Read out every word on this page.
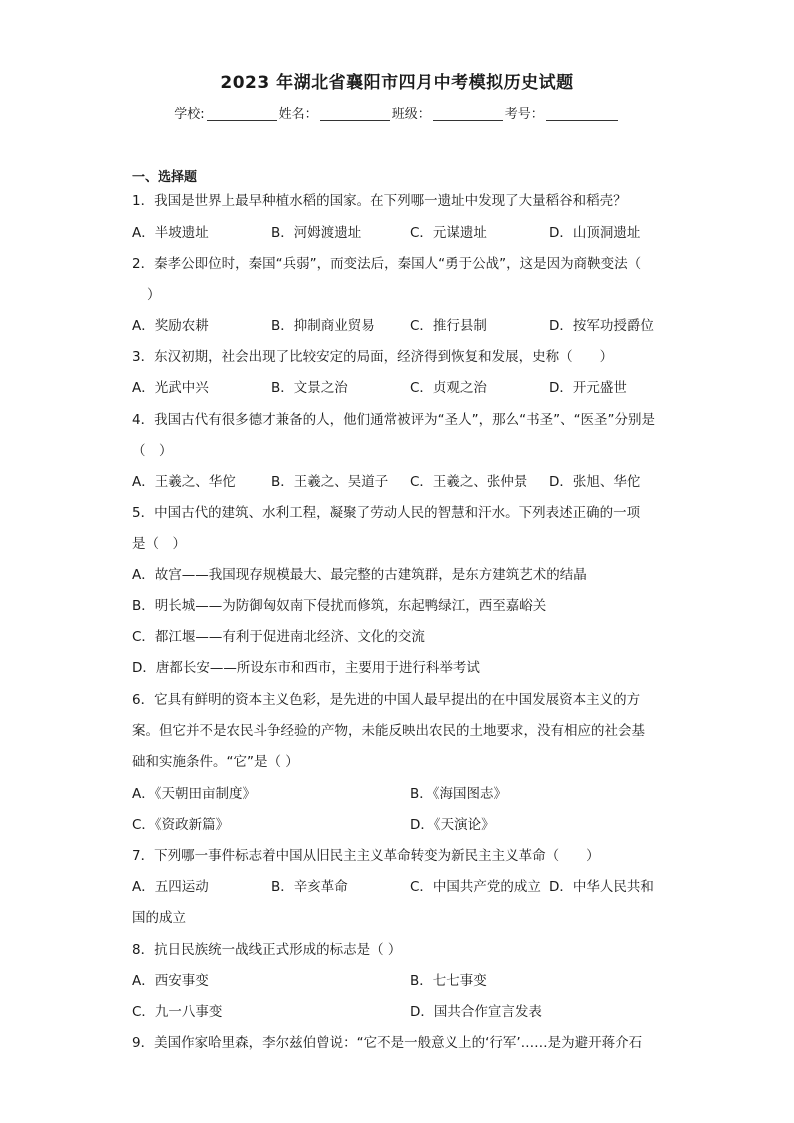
2023 年湖北省襄阳市四月中考模拟历史试题
学校:	姓名：	班级：	考号：
一、选择题
1．我国是世界上最早种植水稻的国家。在下列哪一遗址中发现了大量稻谷和稻壳？
A．半坡遗址	B．河姆渡遗址	C．元谋遗址	D．山顶洞遗址
2．秦孝公即位时，秦国“兵弱”，而变法后，秦国人“勇于公战”，这是因为商鞅变法（
）
A．奖励农耕	B．抑制商业贸易	C．推行县制	D．按军功授爵位
3．东汉初期，社会出现了比较安定的局面，经济得到恢复和发展，史称（　　）
A．光武中兴	B．文景之治	C．贞观之治	D．开元盛世
4．我国古代有很多德才兼备的人，他们通常被评为“圣人”，那么“书圣”、“医圣”分别是
（　）
A．王羲之、华佗	B．王羲之、吴道子 C．王羲之、张仲景 D．张旭、华佗
5．中国古代的建筑、水利工程，凝聚了劳动人民的智慧和汗水。下列表述正确的一项
是（　）
A．故宫——我国现存规模最大、最完整的古建筑群，是东方建筑艺术的结晶
B．明长城——为防御匈奴南下侵扰而修筑，东起鸭绿江，西至嘉峪关
C．都江堰——有利于促进南北经济、文化的交流
D．唐都长安——所设东市和西市，主要用于进行科举考试
6．它具有鲜明的资本主义色彩，是先进的中国人最早提出的在中国发展资本主义的方
案。但它并不是农民斗争经验的产物，未能反映出农民的土地要求，没有相应的社会基
础和实施条件。“它”是（ ）
A．《天朝田亩制度》	B．《海国图志》
C．《资政新篇》	D．《天演论》
7．下列哪一事件标志着中国从旧民主主义革命转变为新民主主义革命（　　）
A．五四运动	B．辛亥革命	C．中国共产党的成立 D．中华人民共和
国的成立
8．抗日民族统一战线正式形成的标志是（ ）
A．西安事变	B．七七事变
C．九一八事变	D．国共合作宣言发表
9．美国作家哈里森，李尔兹伯曾说：“它不是一般意义上的‘行军’……是为避开蒋介石
